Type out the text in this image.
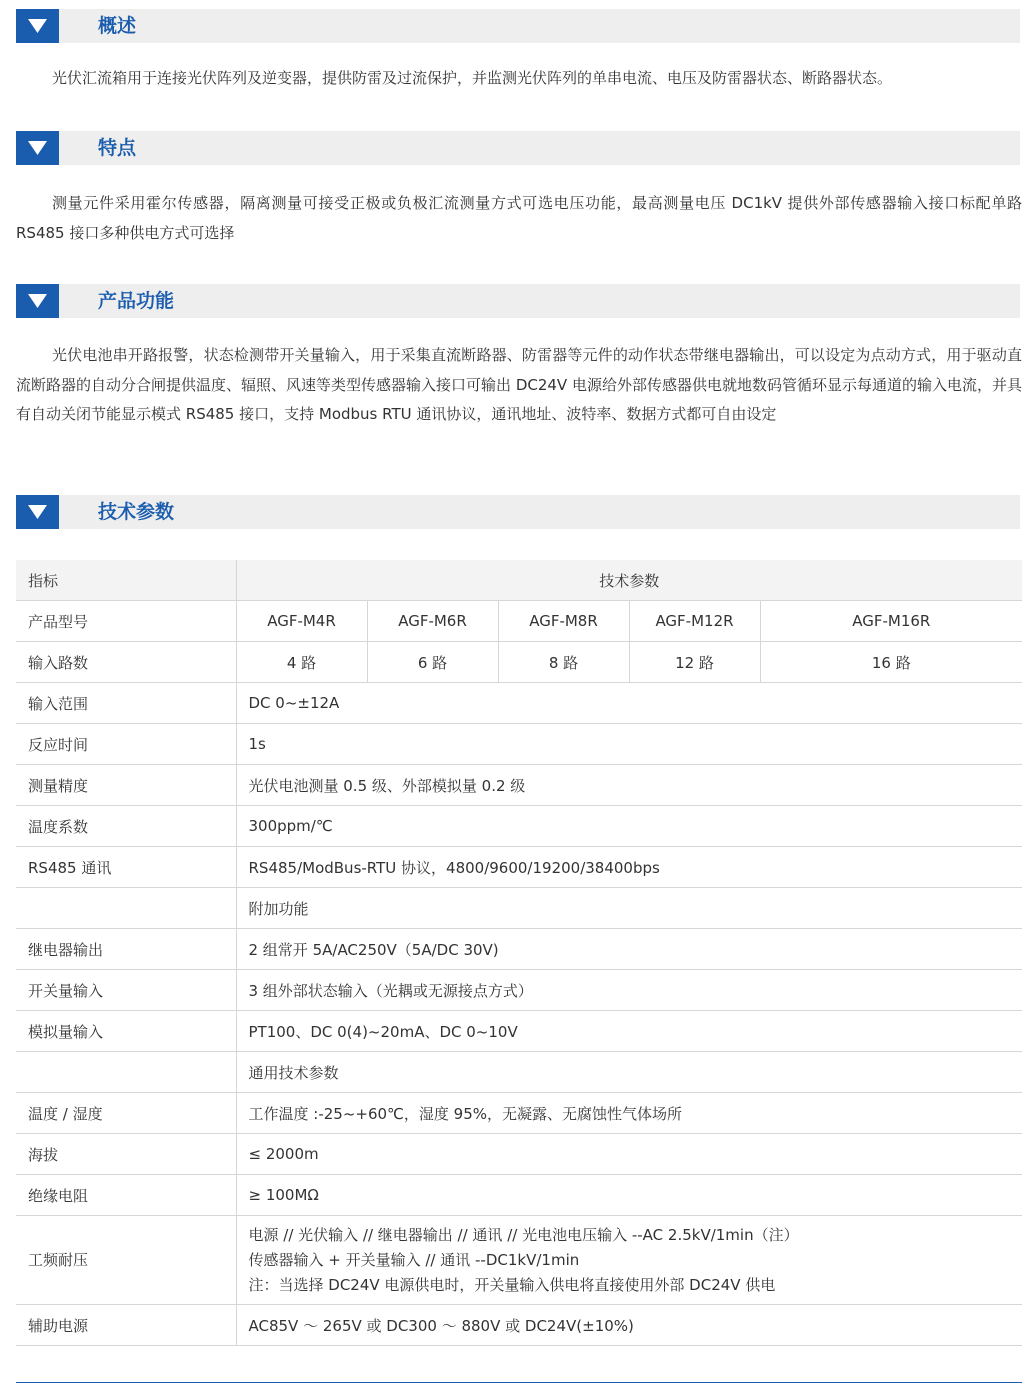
概述

光伏汇流箱用于连接光伏阵列及逆变器，提供防雷及过流保护，并监测光伏阵列的单串电流、电压及防雷器状态、断路器状态。

特点

测量元件采用霍尔传感器，隔离测量可接受正极或负极汇流测量方式可选电压功能，最高测量电压 DC1kV 提供外部传感器输入接口标配单路 RS485 接口多种供电方式可选择

产品功能

光伏电池串开路报警，状态检测带开关量输入，用于采集直流断路器、防雷器等元件的动作状态带继电器输出，可以设定为点动方式，用于驱动直流断路器的自动分合闸提供温度、辐照、风速等类型传感器输入接口可输出 DC24V 电源给外部传感器供电就地数码管循环显示每通道的输入电流，并具有自动关闭节能显示模式 RS485 接口，支持 Modbus RTU 通讯协议，通讯地址、波特率、数据方式都可自由设定

技术参数
指标	技术参数				
产品型号	AGF-M4R	AGF-M6R	AGF-M8R	AGF-M12R	AGF-M16R
输入路数	4 路	6 路	8 路	12 路	16 路
输入范围	DC 0~±12A				
反应时间	1s				
测量精度	光伏电池测量 0.5 级、外部模拟量 0.2 级				
温度系数	300ppm/℃				
RS485 通讯	RS485/ModBus-RTU 协议，4800/9600/19200/38400bps				
	附加功能				
继电器输出	2 组常开 5A/AC250V（5A/DC 30V)				
开关量输入	3 组外部状态输入（光耦或无源接点方式）				
模拟量输入	PT100、DC 0(4)~20mA、DC 0~10V				
	通用技术参数				
温度 / 湿度	工作温度 :-25~+60℃，湿度 95%，无凝露、无腐蚀性气体场所				
海拔	≤ 2000m				
绝缘电阻	≥ 100MΩ				
工频耐压	电源 // 光伏输入 // 继电器输出 // 通讯 // 光电池电压输入 --AC 2.5kV/1min（注）
传感器输入 + 开关量输入 // 通讯 --DC1kV/1min
注：当选择 DC24V 电源供电时，开关量输入供电将直接使用外部 DC24V 供电				

辅助电源	AC85V ～ 265V 或 DC300 ～ 880V 或 DC24V(±10%)				
